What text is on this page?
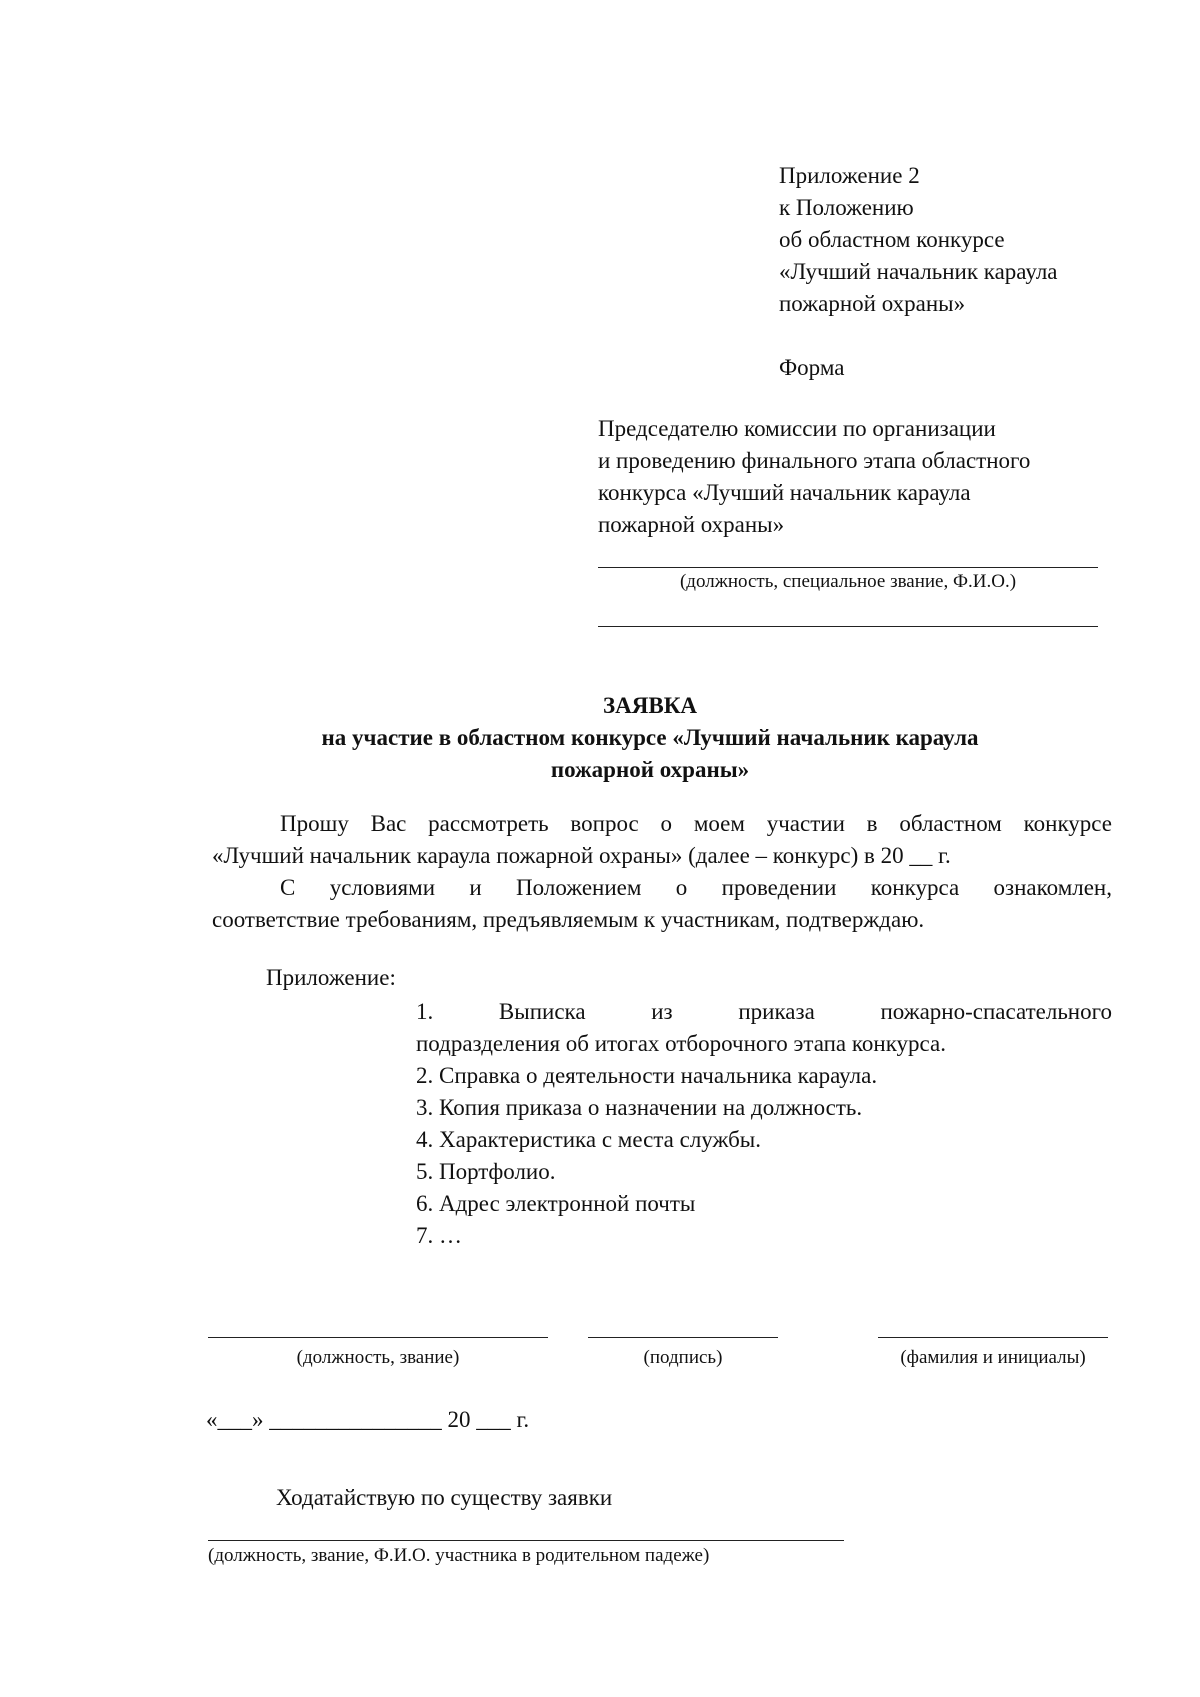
Приложение 2
к Положению
об областном конкурсе
«Лучший начальник караула
пожарной охраны»
Форма
Председателю комиссии по организации
и проведению финального этапа областного
конкурса «Лучший начальник караула
пожарной охраны»
(должность, специальное звание, Ф.И.О.)
ЗАЯВКА
на участие в областном конкурсе «Лучший начальник караула
пожарной охраны»
Прошу Вас рассмотреть вопрос о моем участии в областном конкурсе
«Лучший начальник караула пожарной охраны» (далее – конкурс) в 20 __ г.
С условиями и Положением о проведении конкурса ознакомлен,
соответствие требованиям, предъявляемым к участникам, подтверждаю.
Приложение:
1.	Выписка	из	приказа	пожарно-спасательного
подразделения об итогах отборочного этапа конкурса.
2. Справка о деятельности начальника караула.
3. Копия приказа о назначении на должность.
4. Характеристика с места службы.
5. Портфолио.
6. Адрес электронной почты
7. …
(должность, звание)	(подпись)	(фамилия и инициалы)
«___» _______________ 20 ___ г.
Ходатайствую по существу заявки
(должность, звание, Ф.И.О. участника в родительном падеже)
